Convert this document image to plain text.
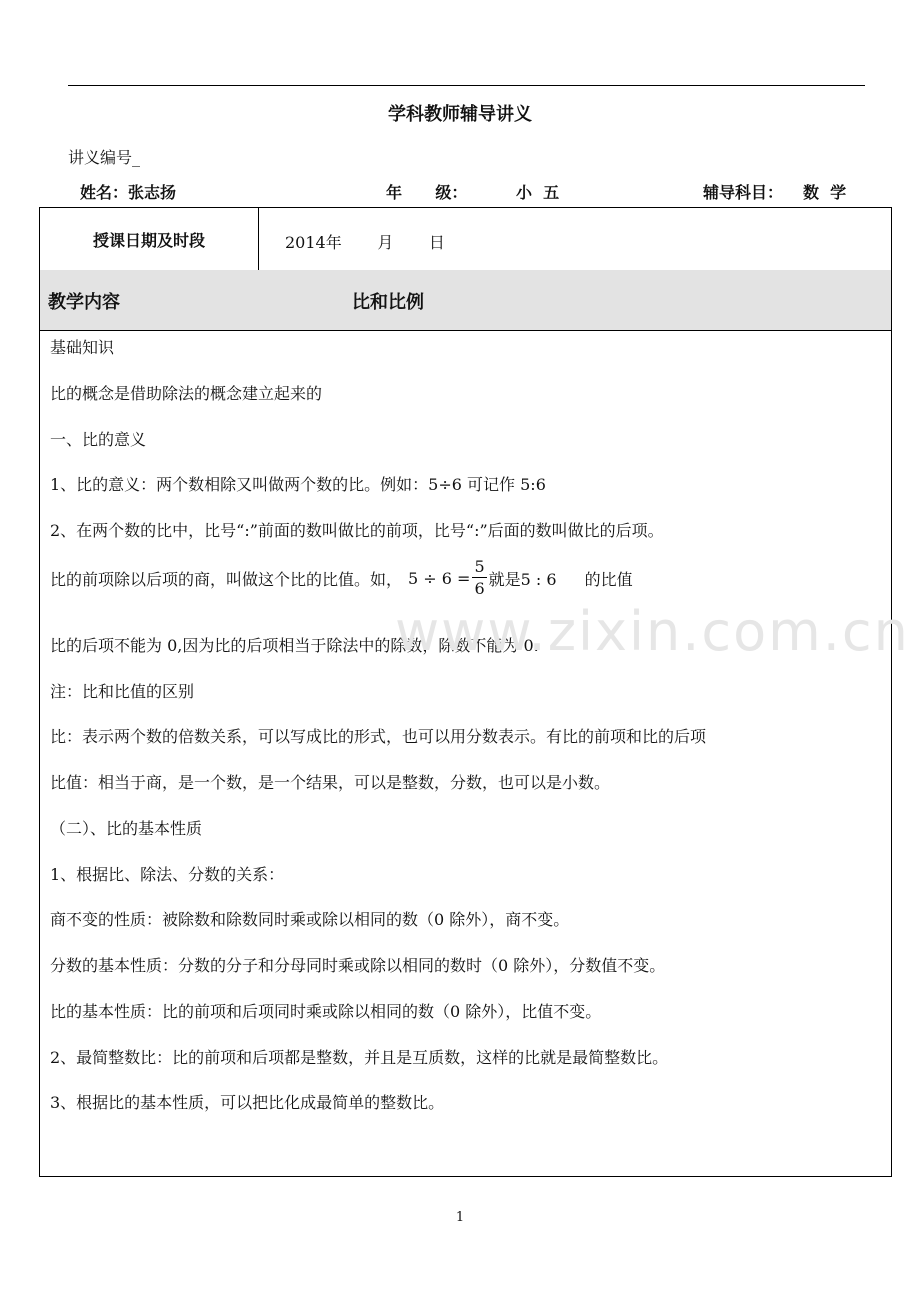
学科教师辅导讲义
讲义编号_
姓名：张志扬	年      级：	小  五	辅导科目： 数  学
授课日期及时段	2014年       月       日
教学内容	比和比例
基础知识
比的概念是借助除法的概念建立起来的
一、比的意义
1、比的意义：两个数相除又叫做两个数的比。例如：5÷6 可记作 5:6
2、在两个数的比中，比号“:”前面的数叫做比的前项，比号“:”后面的数叫做比的后项。
比的前项除以后项的商，叫做这个比的比值。如， $5 \div 6 = \frac{5}{6}$ 就是5 : 6 的比值
比的后项不能为 0,因为比的后项相当于除法中的除数，除数不能为 0.
注：比和比值的区别
比：表示两个数的倍数关系，可以写成比的形式，也可以用分数表示。有比的前项和比的后项
比值：相当于商，是一个数，是一个结果，可以是整数，分数，也可以是小数。
（二）、比的基本性质
1、根据比、除法、分数的关系：
商不变的性质：被除数和除数同时乘或除以相同的数（0 除外），商不变。
分数的基本性质：分数的分子和分母同时乘或除以相同的数时（0 除外），分数值不变。
比的基本性质：比的前项和后项同时乘或除以相同的数（0 除外），比值不变。
2、最简整数比：比的前项和后项都是整数，并且是互质数，这样的比就是最简整数比。
3、根据比的基本性质，可以把比化成最简单的整数比。
www.zixin.com.cn
1
